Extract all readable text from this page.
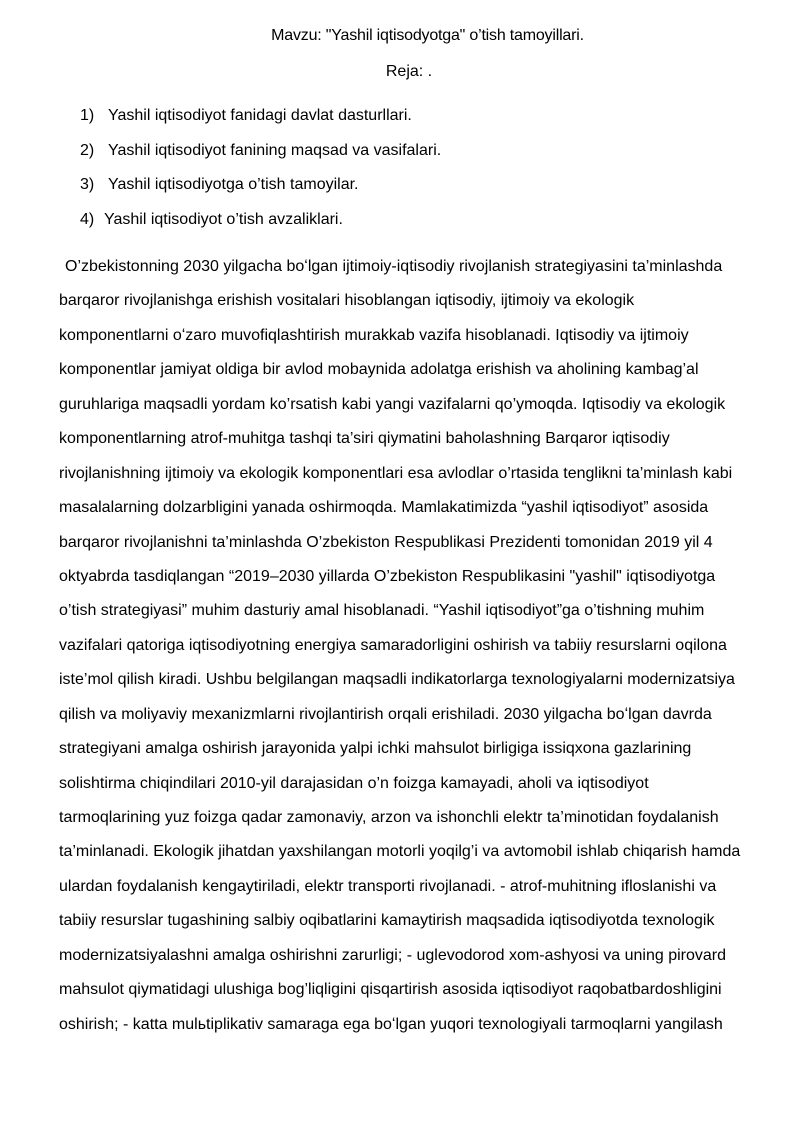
Mavzu: "Yashil iqtisodyotga" o’tish tamoyillari.
Reja: .
1) Yashil iqtisodiyot fanidagi davlat dasturllari.
2) Yashil iqtisodiyot fanining maqsad va vasifalari.
3) Yashil iqtisodiyotga o’tish tamoyilar.
4) Yashil iqtisodiyot o’tish avzaliklari.
O’zbekistonning 2030 yilgacha boʻlgan ijtimoiy-iqtisodiy rivojlanish strategiyasini ta’minlashda
barqaror rivojlanishga erishish vositalari hisoblangan iqtisodiy, ijtimoiy va ekologik
komponentlarni oʻzaro muvofiqlashtirish murakkab vazifa hisoblanadi. Iqtisodiy va ijtimoiy
komponentlar jamiyat oldiga bir avlod mobaynida adolatga erishish va aholining kambag’al
guruhlariga maqsadli yordam ko’rsatish kabi yangi vazifalarni qo’ymoqda. Iqtisodiy va ekologik
komponentlarning atrof-muhitga tashqi ta’siri qiymatini baholashning Barqaror iqtisodiy
rivojlanishning ijtimoiy va ekologik komponentlari esa avlodlar o’rtasida tenglikni ta’minlash kabi
masalalarning dolzarbligini yanada oshirmoqda. Mamlakatimizda “yashil iqtisodiyot” asosida
barqaror rivojlanishni ta’minlashda O’zbekiston Respublikasi Prezidenti tomonidan 2019 yil 4
oktyabrda tasdiqlangan “2019–2030 yillarda O’zbekiston Respublikasini "yashil" iqtisodiyotga
o’tish strategiyasi” muhim dasturiy amal hisoblanadi. “Yashil iqtisodiyot”ga o’tishning muhim
vazifalari qatoriga iqtisodiyotning energiya samaradorligini oshirish va tabiiy resurslarni oqilona
iste’mol qilish kiradi. Ushbu belgilangan maqsadli indikatorlarga texnologiyalarni modernizatsiya
qilish va moliyaviy mexanizmlarni rivojlantirish orqali erishiladi. 2030 yilgacha boʻlgan davrda
strategiyani amalga oshirish jarayonida yalpi ichki mahsulot birligiga issiqxona gazlarining
solishtirma chiqindilari 2010-yil darajasidan o’n foizga kamayadi, aholi va iqtisodiyot
tarmoqlarining yuz foizga qadar zamonaviy, arzon va ishonchli elektr ta’minotidan foydalanish
ta’minlanadi. Ekologik jihatdan yaxshilangan motorli yoqilg’i va avtomobil ishlab chiqarish hamda
ulardan foydalanish kengaytiriladi, elektr transporti rivojlanadi. - atrof-muhitning ifloslanishi va
tabiiy resurslar tugashining salbiy oqibatlarini kamaytirish maqsadida iqtisodiyotda texnologik
modernizatsiyalashni amalga oshirishni zarurligi; - uglevodorod xom-ashyosi va uning pirovard
mahsulot qiymatidagi ulushiga bog’liqligini qisqartirish asosida iqtisodiyot raqobatbardoshligini
oshirish; - katta mulьtiplikativ samaraga ega boʻlgan yuqori texnologiyali tarmoqlarni yangilash
